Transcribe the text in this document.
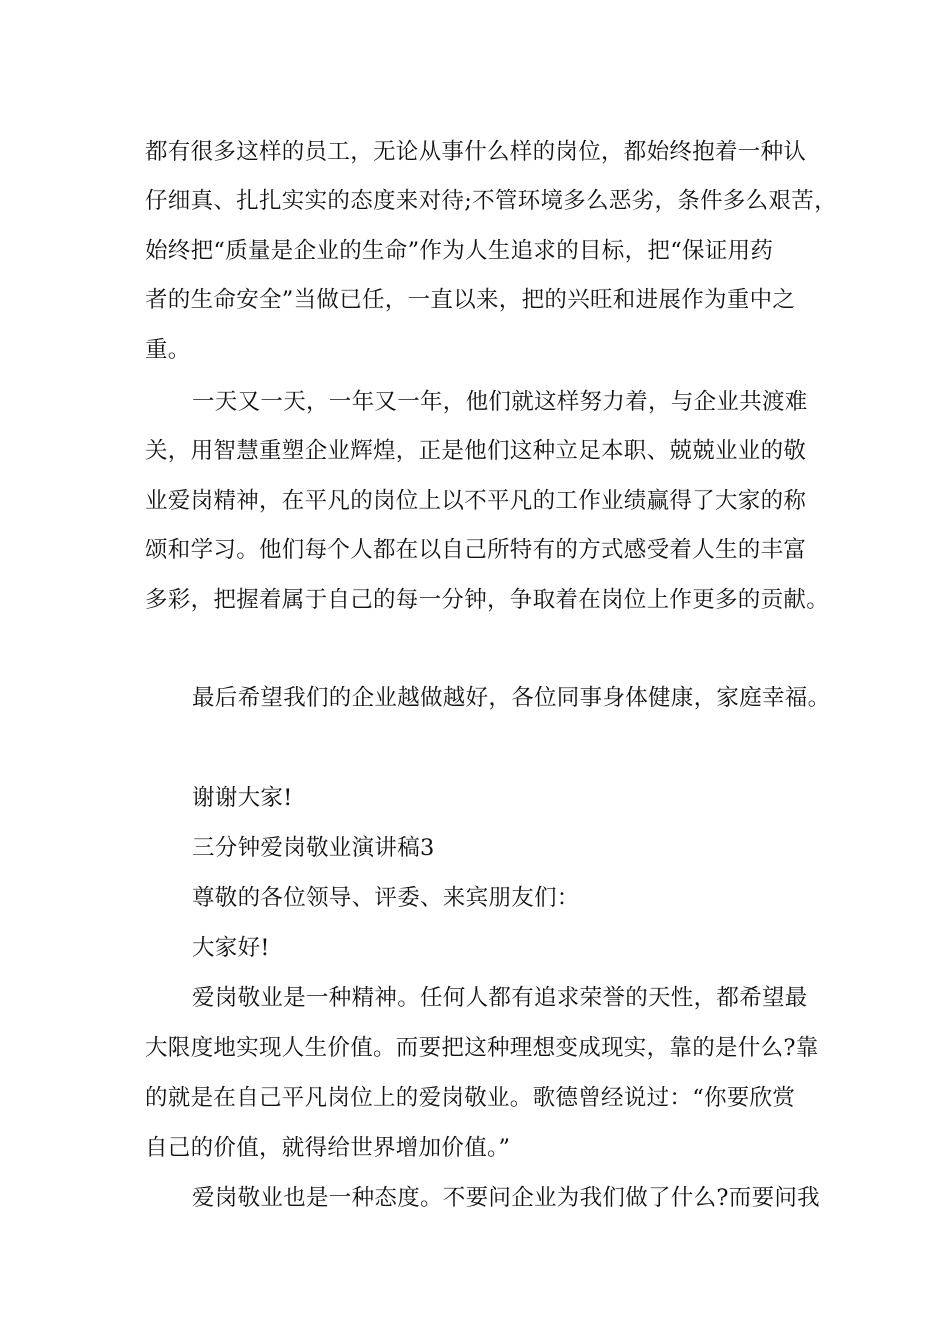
都有很多这样的员工，无论从事什么样的岗位，都始终抱着一种认
仔细真、扎扎实实的态度来对待;不管环境多么恶劣，条件多么艰苦，
始终把“质量是企业的生命”作为人生追求的目标，把“保证用药
者的生命安全”当做已任，一直以来，把的兴旺和进展作为重中之
重。
一天又一天，一年又一年，他们就这样努力着，与企业共渡难
关，用智慧重塑企业辉煌，正是他们这种立足本职、兢兢业业的敬
业爱岗精神，在平凡的岗位上以不平凡的工作业绩赢得了大家的称
颂和学习。他们每个人都在以自己所特有的方式感受着人生的丰富
多彩，把握着属于自己的每一分钟，争取着在岗位上作更多的贡献。
最后希望我们的企业越做越好，各位同事身体健康，家庭幸福。
谢谢大家!
三分钟爱岗敬业演讲稿3
尊敬的各位领导、评委、来宾朋友们：
大家好!
爱岗敬业是一种精神。任何人都有追求荣誉的天性，都希望最
大限度地实现人生价值。而要把这种理想变成现实，靠的是什么?靠
的就是在自己平凡岗位上的爱岗敬业。歌德曾经说过：“你要欣赏
自己的价值，就得给世界增加价值。”
爱岗敬业也是一种态度。不要问企业为我们做了什么?而要问我
